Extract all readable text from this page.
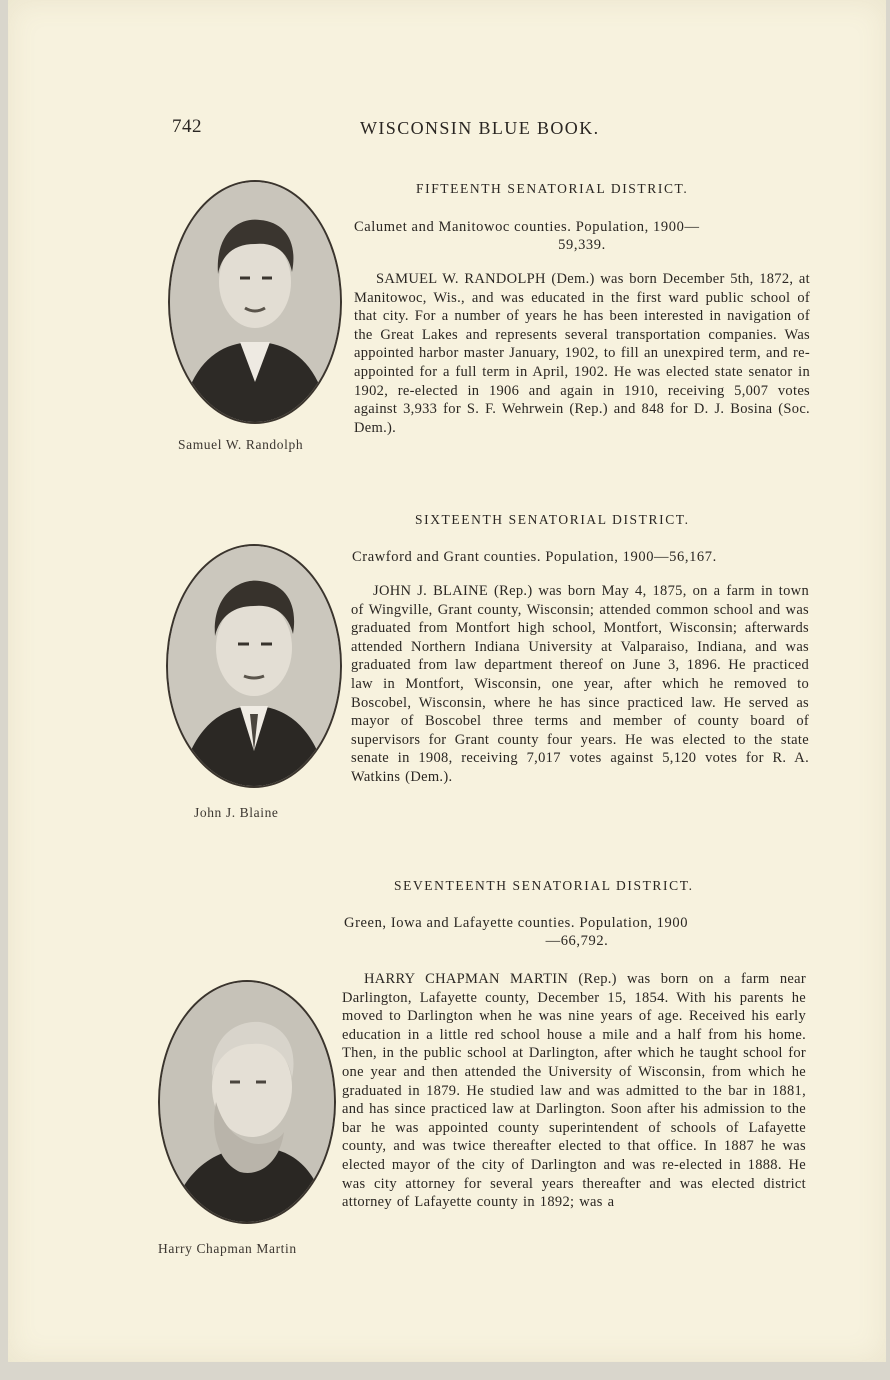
742	WISCONSIN BLUE BOOK.
Samuel W. Randolph
FIFTEENTH SENATORIAL DISTRICT.
Calumet and Manitowoc counties. Population, 1900—
59,339.
SAMUEL W. RANDOLPH (Dem.) was born December 5th, 1872, at Manitowoc, Wis., and was educated in the first ward public school of that city. For a number of years he has been interested in navigation of the Great Lakes and represents several transportation companies. Was appointed harbor master January, 1902, to fill an unexpired term, and re-appointed for a full term in April, 1902. He was elected state senator in 1902, re-elected in 1906 and again in 1910, receiving 5,007 votes against 3,933 for S. F. Wehrwein (Rep.) and 848 for D. J. Bosina (Soc. Dem.).
John J. Blaine
SIXTEENTH SENATORIAL DISTRICT.
Crawford and Grant counties. Population, 1900—56,167.
JOHN J. BLAINE (Rep.) was born May 4, 1875, on a farm in town of Wingville, Grant county, Wisconsin; attended common school and was graduated from Montfort high school, Montfort, Wisconsin; afterwards attended Northern Indiana University at Valparaiso, Indiana, and was graduated from law department thereof on June 3, 1896. He practiced law in Montfort, Wisconsin, one year, after which he removed to Boscobel, Wisconsin, where he has since practiced law. He served as mayor of Boscobel three terms and member of county board of supervisors for Grant county four years. He was elected to the state senate in 1908, receiving 7,017 votes against 5,120 votes for R. A. Watkins (Dem.).
Harry Chapman Martin
SEVENTEENTH SENATORIAL DISTRICT.
Green, Iowa and Lafayette counties. Population, 1900
—66,792.
HARRY CHAPMAN MARTIN (Rep.) was born on a farm near Darlington, Lafayette county, December 15, 1854. With his parents he moved to Darlington when he was nine years of age. Received his early education in a little red school house a mile and a half from his home. Then, in the public school at Darlington, after which he taught school for one year and then attended the University of Wisconsin, from which he graduated in 1879. He studied law and was admitted to the bar in 1881, and has since practiced law at Darlington. Soon after his admission to the bar he was appointed county superintendent of schools of Lafayette county, and was twice thereafter elected to that office. In 1887 he was elected mayor of the city of Darlington and was re-elected in 1888. He was city attorney for several years thereafter and was elected district attorney of Lafayette county in 1892; was a
